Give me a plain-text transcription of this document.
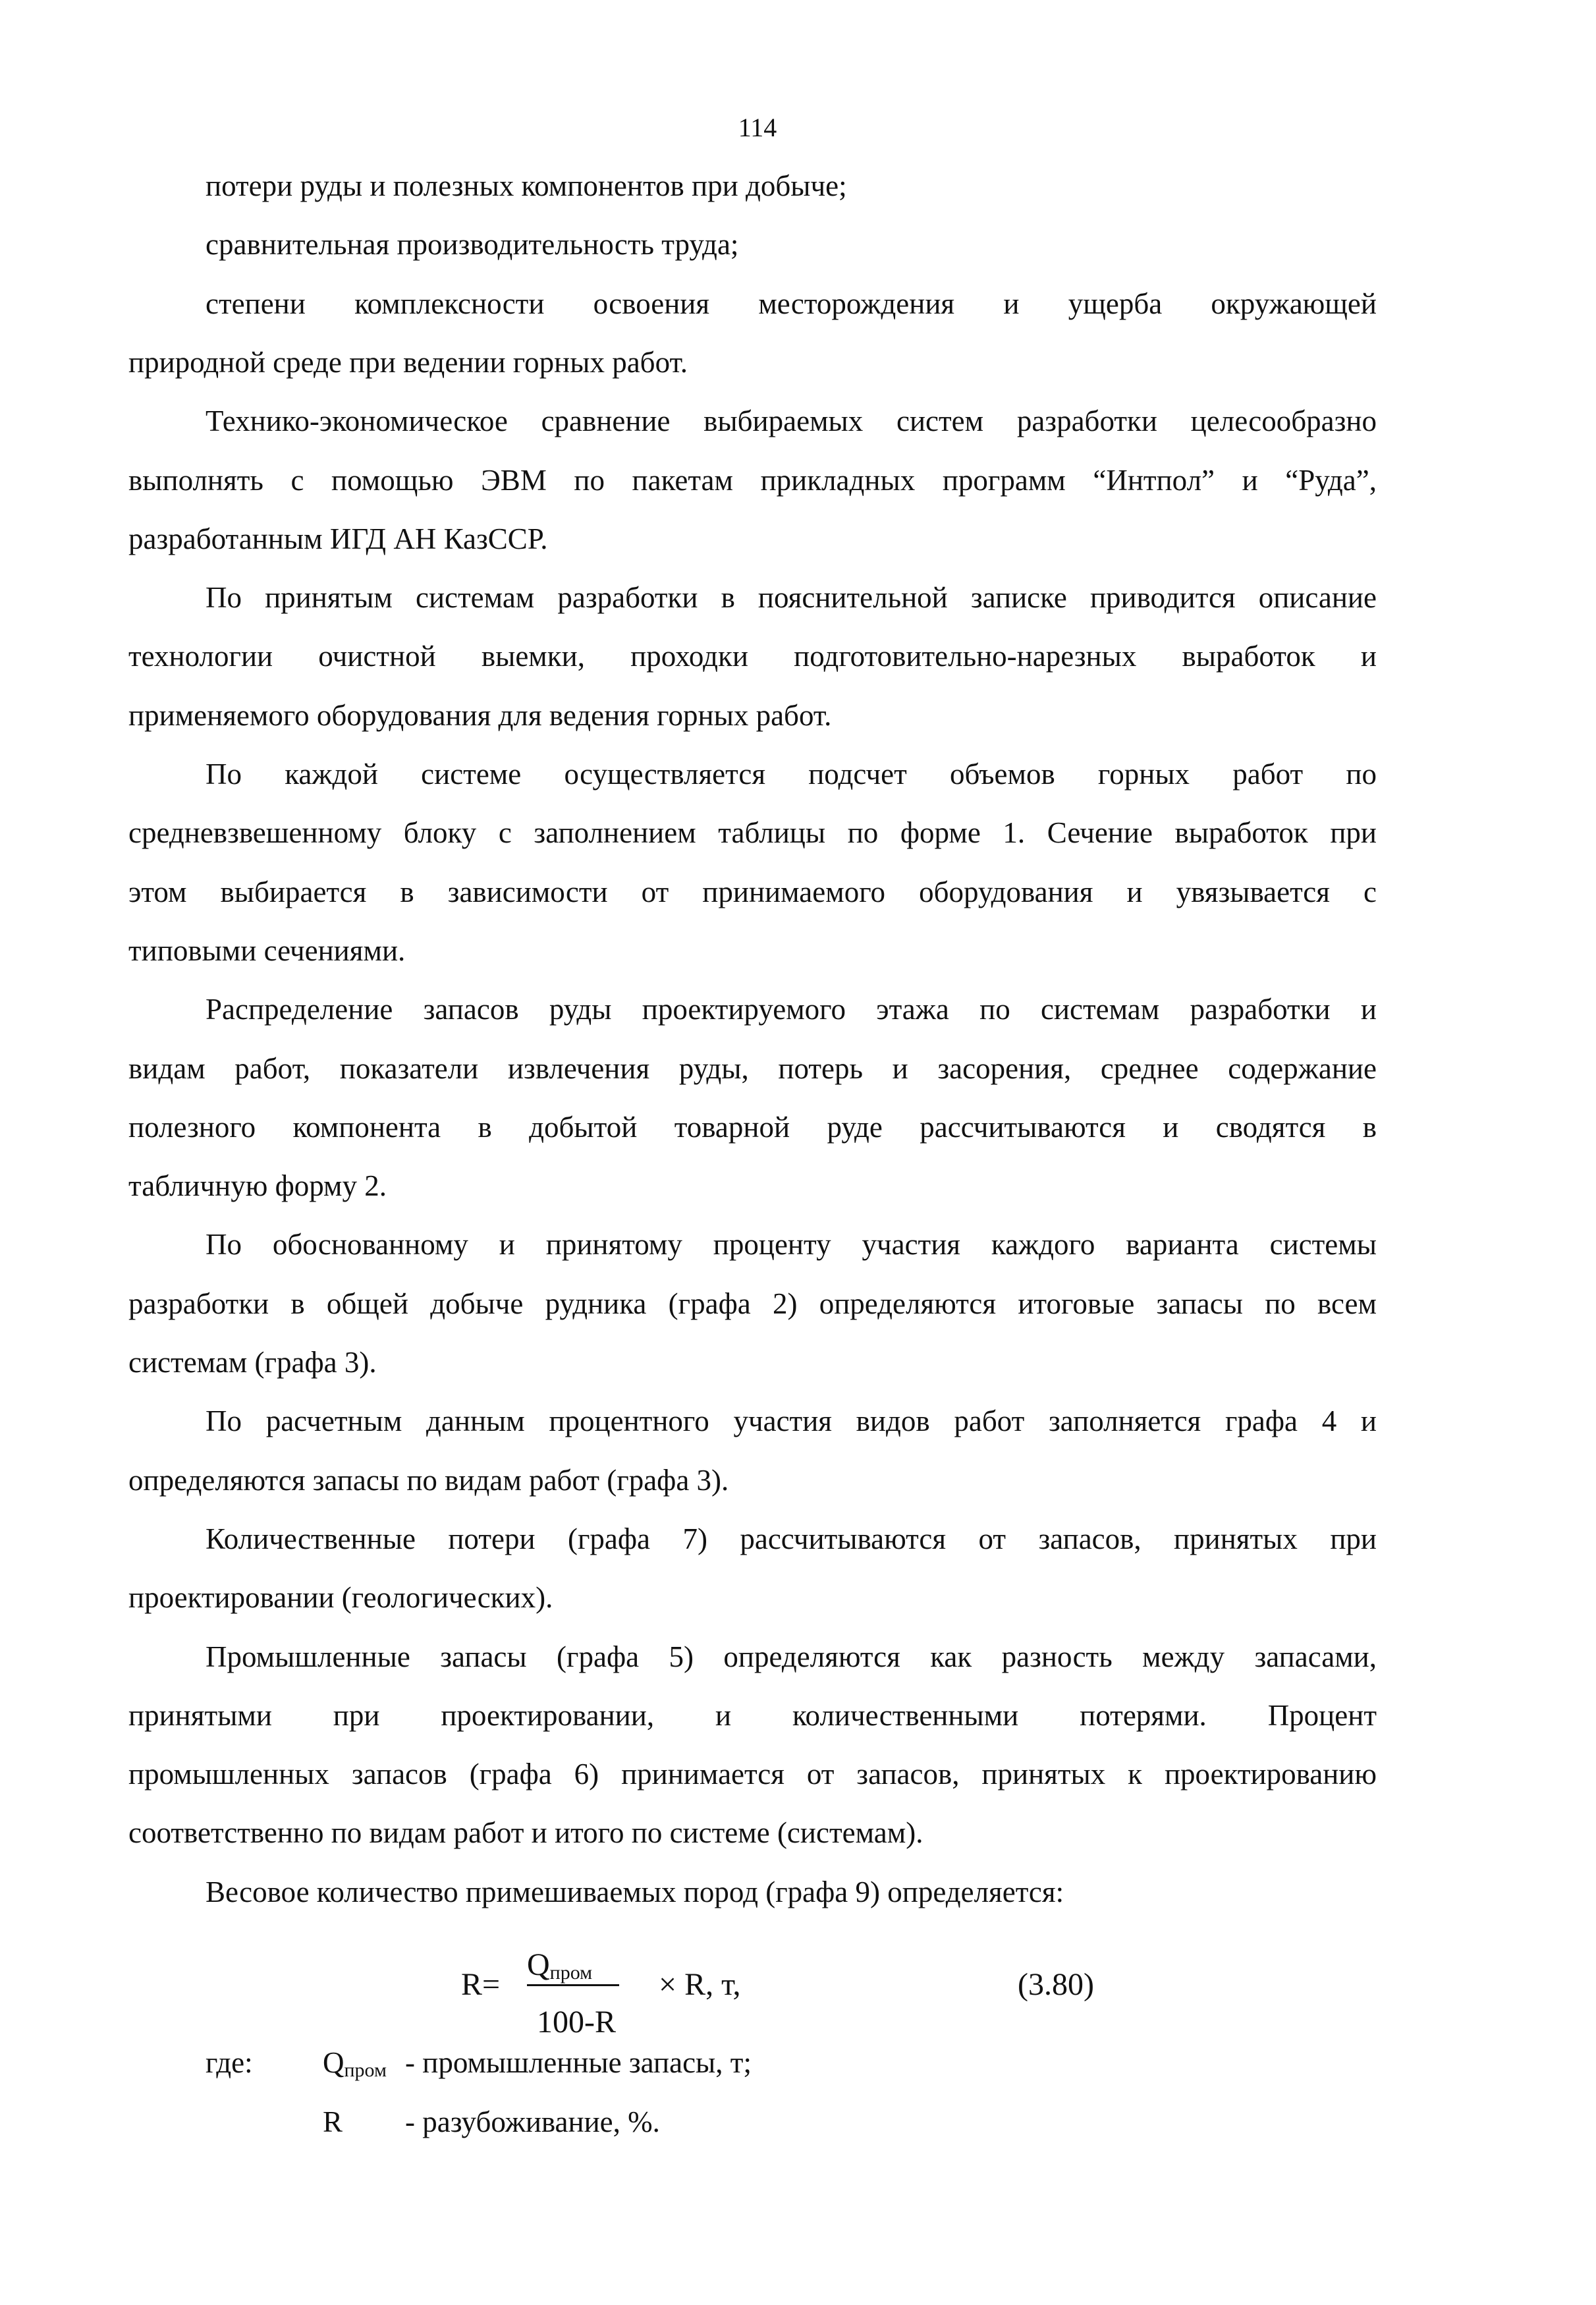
114
потери руды и полезных компонентов при добыче;
сравнительная производительность труда;
степени комплексности освоения месторождения и ущерба окружающей
природной среде при ведении горных работ.
Технико-экономическое сравнение выбираемых систем разработки целесообразно
выполнять с помощью ЭВМ по пакетам прикладных программ “Интпол” и “Руда”,
разработанным ИГД АН КазССР.
По принятым системам разработки в пояснительной записке приводится описание
технологии очистной выемки, проходки подготовительно-нарезных выработок и
применяемого оборудования для ведения горных работ.
По каждой системе осуществляется подсчет объемов горных работ по
средневзвешенному блоку с заполнением таблицы по форме 1. Сечение выработок при
этом выбирается в зависимости от принимаемого оборудования и увязывается с
типовыми сечениями.
Распределение запасов руды проектируемого этажа по системам разработки и
видам работ, показатели извлечения руды, потерь и засорения, среднее содержание
полезного компонента в добытой товарной руде рассчитываются и сводятся в
табличную форму 2.
По обоснованному и принятому проценту участия каждого варианта системы
разработки в общей добыче рудника (графа 2) определяются итоговые запасы по всем
системам (графа 3).
По расчетным данным процентного участия видов работ заполняется графа 4 и
определяются запасы по видам работ (графа 3).
Количественные потери (графа 7) рассчитываются от запасов, принятых при
проектировании (геологических).
Промышленные запасы (графа 5) определяются как разность между запасами,
принятыми при проектировании, и количественными потерями. Процент
промышленных запасов (графа 6) принимается от запасов, принятых к проектированию
соответственно по видам работ и итого по системе (системам).
Весовое количество примешиваемых пород (графа 9) определяется:
R=
$Q_{пром}$
100-R
× R, т,	(3.80)
где: $Q_{пром}$ - промышленные запасы, т;
R - разубоживание, %.
